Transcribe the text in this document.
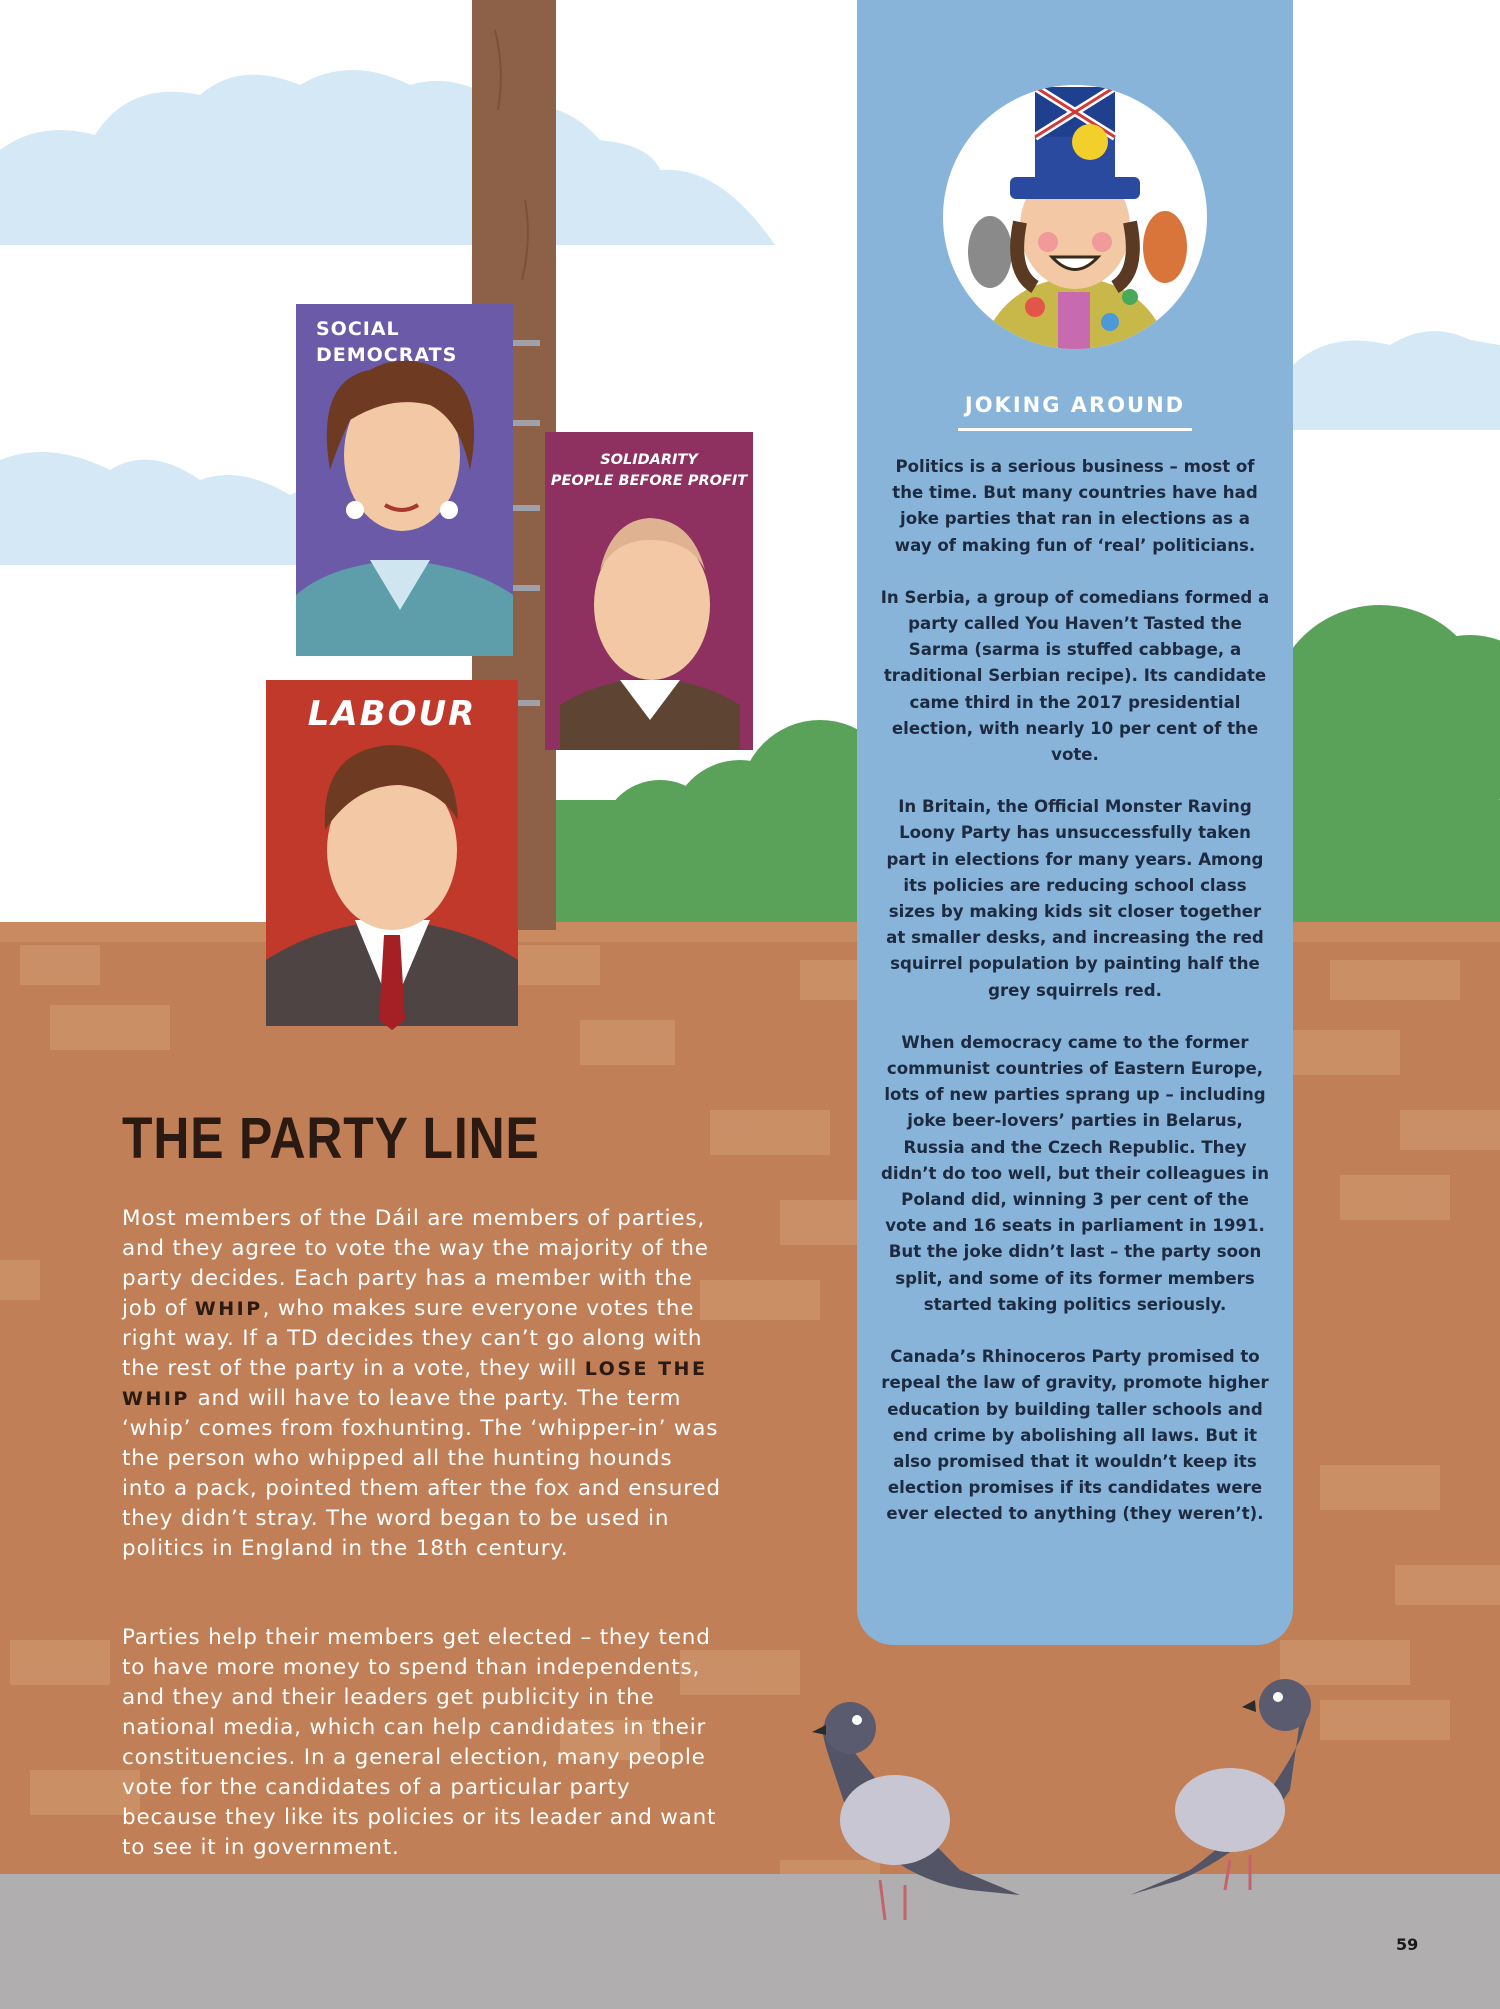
JOKING AROUND

Politics is a serious business – most of the time. But many countries have had joke parties that ran in elections as a way of making fun of ‘real’ politicians.

In Serbia, a group of comedians formed a party called You Haven’t Tasted the Sarma (sarma is stuffed cabbage, a traditional Serbian recipe). Its candidate came third in the 2017 presidential election, with nearly 10 per cent of the vote.

In Britain, the Official Monster Raving Loony Party has unsuccessfully taken part in elections for many years. Among its policies are reducing school class sizes by making kids sit closer together at smaller desks, and increasing the red squirrel population by painting half the grey squirrels red.

When democracy came to the former communist countries of Eastern Europe, lots of new parties sprang up – including joke beer-lovers’ parties in Belarus, Russia and the Czech Republic. They didn’t do too well, but their colleagues in Poland did, winning 3 per cent of the vote and 16 seats in parliament in 1991. But the joke didn’t last – the party soon split, and some of its former members started taking politics seriously.

Canada’s Rhinoceros Party promised to repeal the law of gravity, promote higher education by building taller schools and end crime by abolishing all laws. But it also promised that it wouldn’t keep its election promises if its candidates were ever elected to anything (they weren’t).

SOCIAL
DEMOCRATS
SOLIDARITY
PEOPLE BEFORE PROFIT
LABOUR
THE PARTY LINE

Most members of the Dáil are members of parties, and they agree to vote the way the majority of the party decides. Each party has a member with the job of WHIP, who makes sure everyone votes the right way. If a TD decides they can’t go along with the rest of the party in a vote, they will LOSE THE WHIP and will have to leave the party. The term ‘whip’ comes from foxhunting. The ‘whipper-in’ was the person who whipped all the hunting hounds into a pack, pointed them after the fox and ensured they didn’t stray. The word began to be used in politics in England in the 18th century.

Parties help their members get elected – they tend to have more money to spend than independents, and they and their leaders get publicity in the national media, which can help candidates in their constituencies. In a general election, many people vote for the candidates of a particular party because they like its policies or its leader and want to see it in government.

59
